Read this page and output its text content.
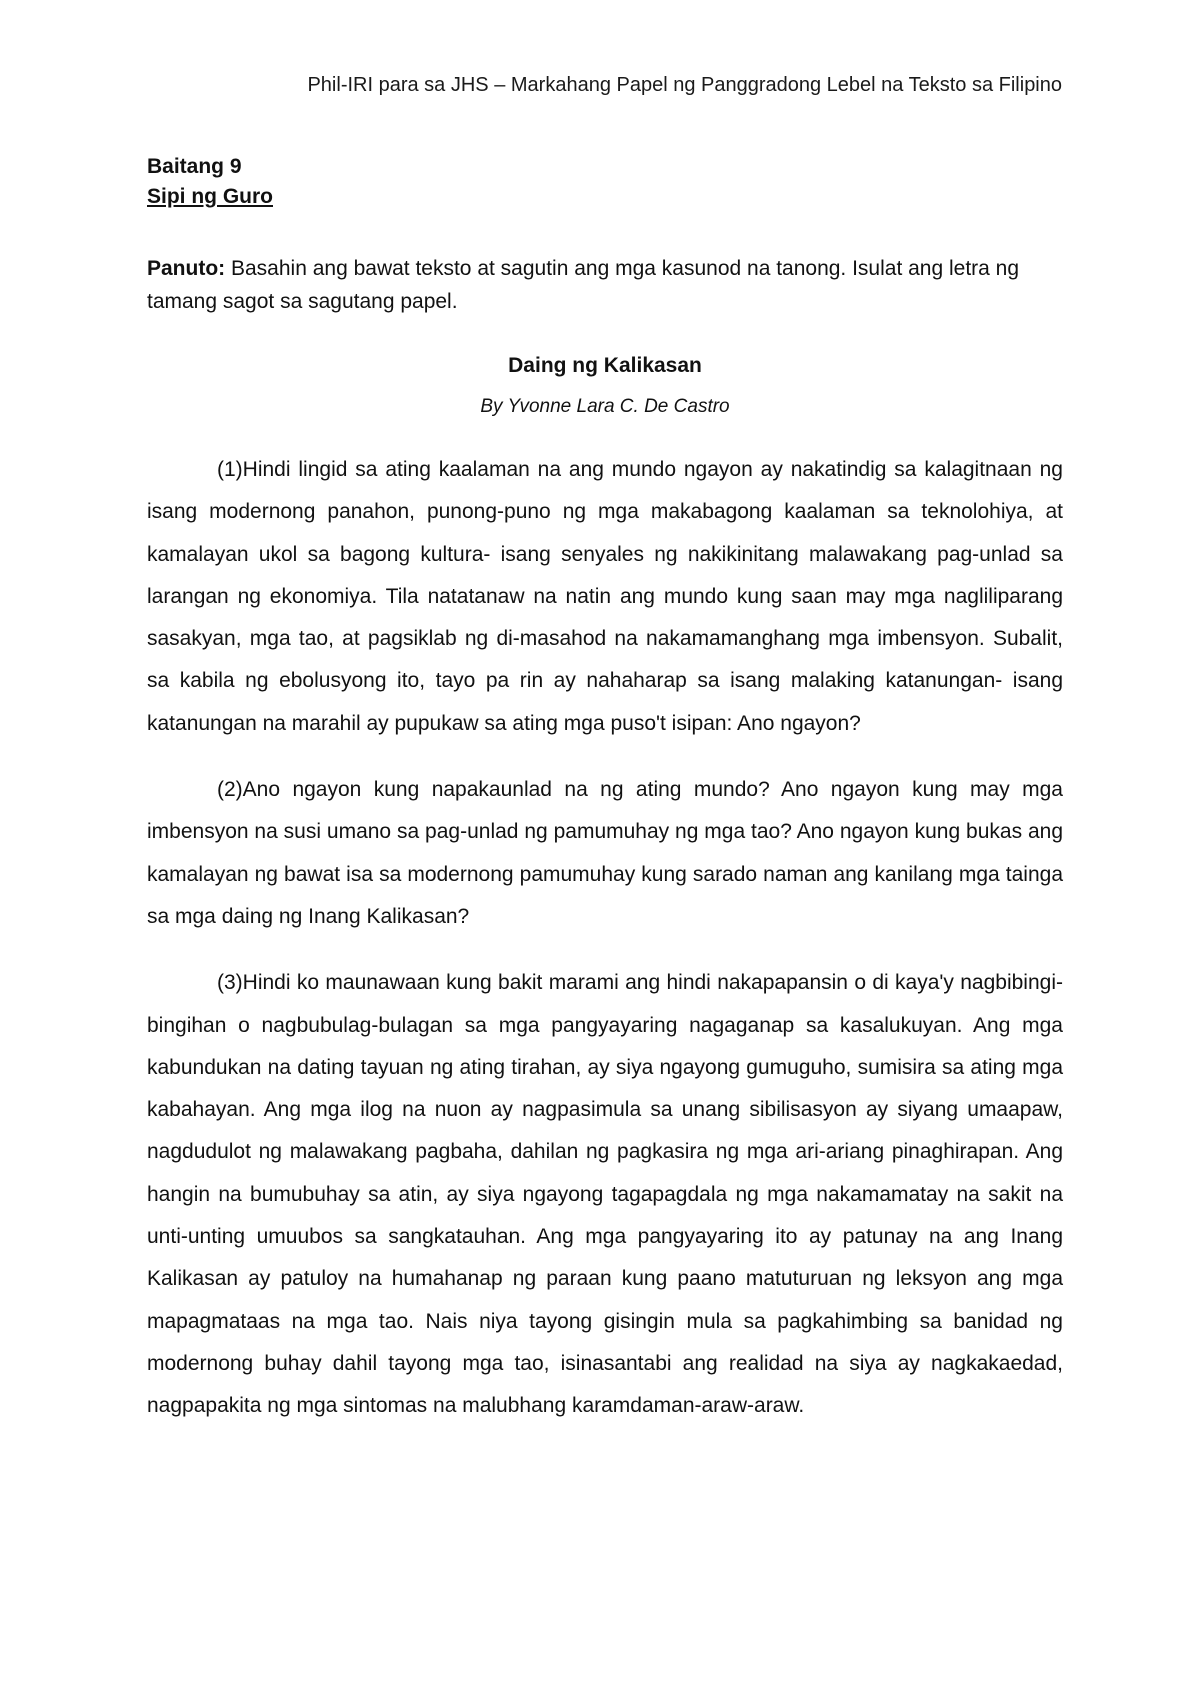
Phil-IRI para sa JHS – Markahang Papel ng Panggradong Lebel na Teksto sa Filipino

Baitang 9

Sipi ng Guro

Panuto: Basahin ang bawat teksto at sagutin ang mga kasunod na tanong. Isulat ang letra ng tamang sagot sa sagutang papel.

Daing ng Kalikasan

By Yvonne Lara C. De Castro

(1)Hindi lingid sa ating kaalaman na ang mundo ngayon ay nakatindig sa kalagitnaan ng isang modernong panahon, punong-puno ng mga makabagong kaalaman sa teknolohiya, at kamalayan ukol sa bagong kultura- isang senyales ng nakikinitang malawakang pag-unlad sa larangan ng ekonomiya. Tila natatanaw na natin ang mundo kung saan may mga nagliliparang sasakyan, mga tao, at pagsiklab ng di-masahod na nakamamanghang mga imbensyon. Subalit, sa kabila ng ebolusyong ito, tayo pa rin ay nahaharap sa isang malaking katanungan- isang katanungan na marahil ay pupukaw sa ating mga puso't isipan: Ano ngayon?

(2)Ano ngayon kung napakaunlad na ng ating mundo? Ano ngayon kung may mga imbensyon na susi umano sa pag-unlad ng pamumuhay ng mga tao? Ano ngayon kung bukas ang kamalayan ng bawat isa sa modernong pamumuhay kung sarado naman ang kanilang mga tainga sa mga daing ng Inang Kalikasan?

(3)Hindi ko maunawaan kung bakit marami ang hindi nakapapansin o di kaya'y nagbibingi-bingihan o nagbubulag-bulagan sa mga pangyayaring nagaganap sa kasalukuyan. Ang mga kabundukan na dating tayuan ng ating tirahan, ay siya ngayong gumuguho, sumisira sa ating mga kabahayan. Ang mga ilog na nuon ay nagpasimula sa unang sibilisasyon ay siyang umaapaw, nagdudulot ng malawakang pagbaha, dahilan ng pagkasira ng mga ari-ariang pinaghirapan. Ang hangin na bumubuhay sa atin, ay siya ngayong tagapagdala ng mga nakamamatay na sakit na unti-unting umuubos sa sangkatauhan. Ang mga pangyayaring ito ay patunay na ang Inang Kalikasan ay patuloy na humahanap ng paraan kung paano matuturuan ng leksyon ang mga mapagmataas na mga tao. Nais niya tayong gisingin mula sa pagkahimbing sa banidad ng modernong buhay dahil tayong mga tao, isinasantabi ang realidad na siya ay nagkakaedad, nagpapakita ng mga sintomas na malubhang karamdaman-araw-araw.
